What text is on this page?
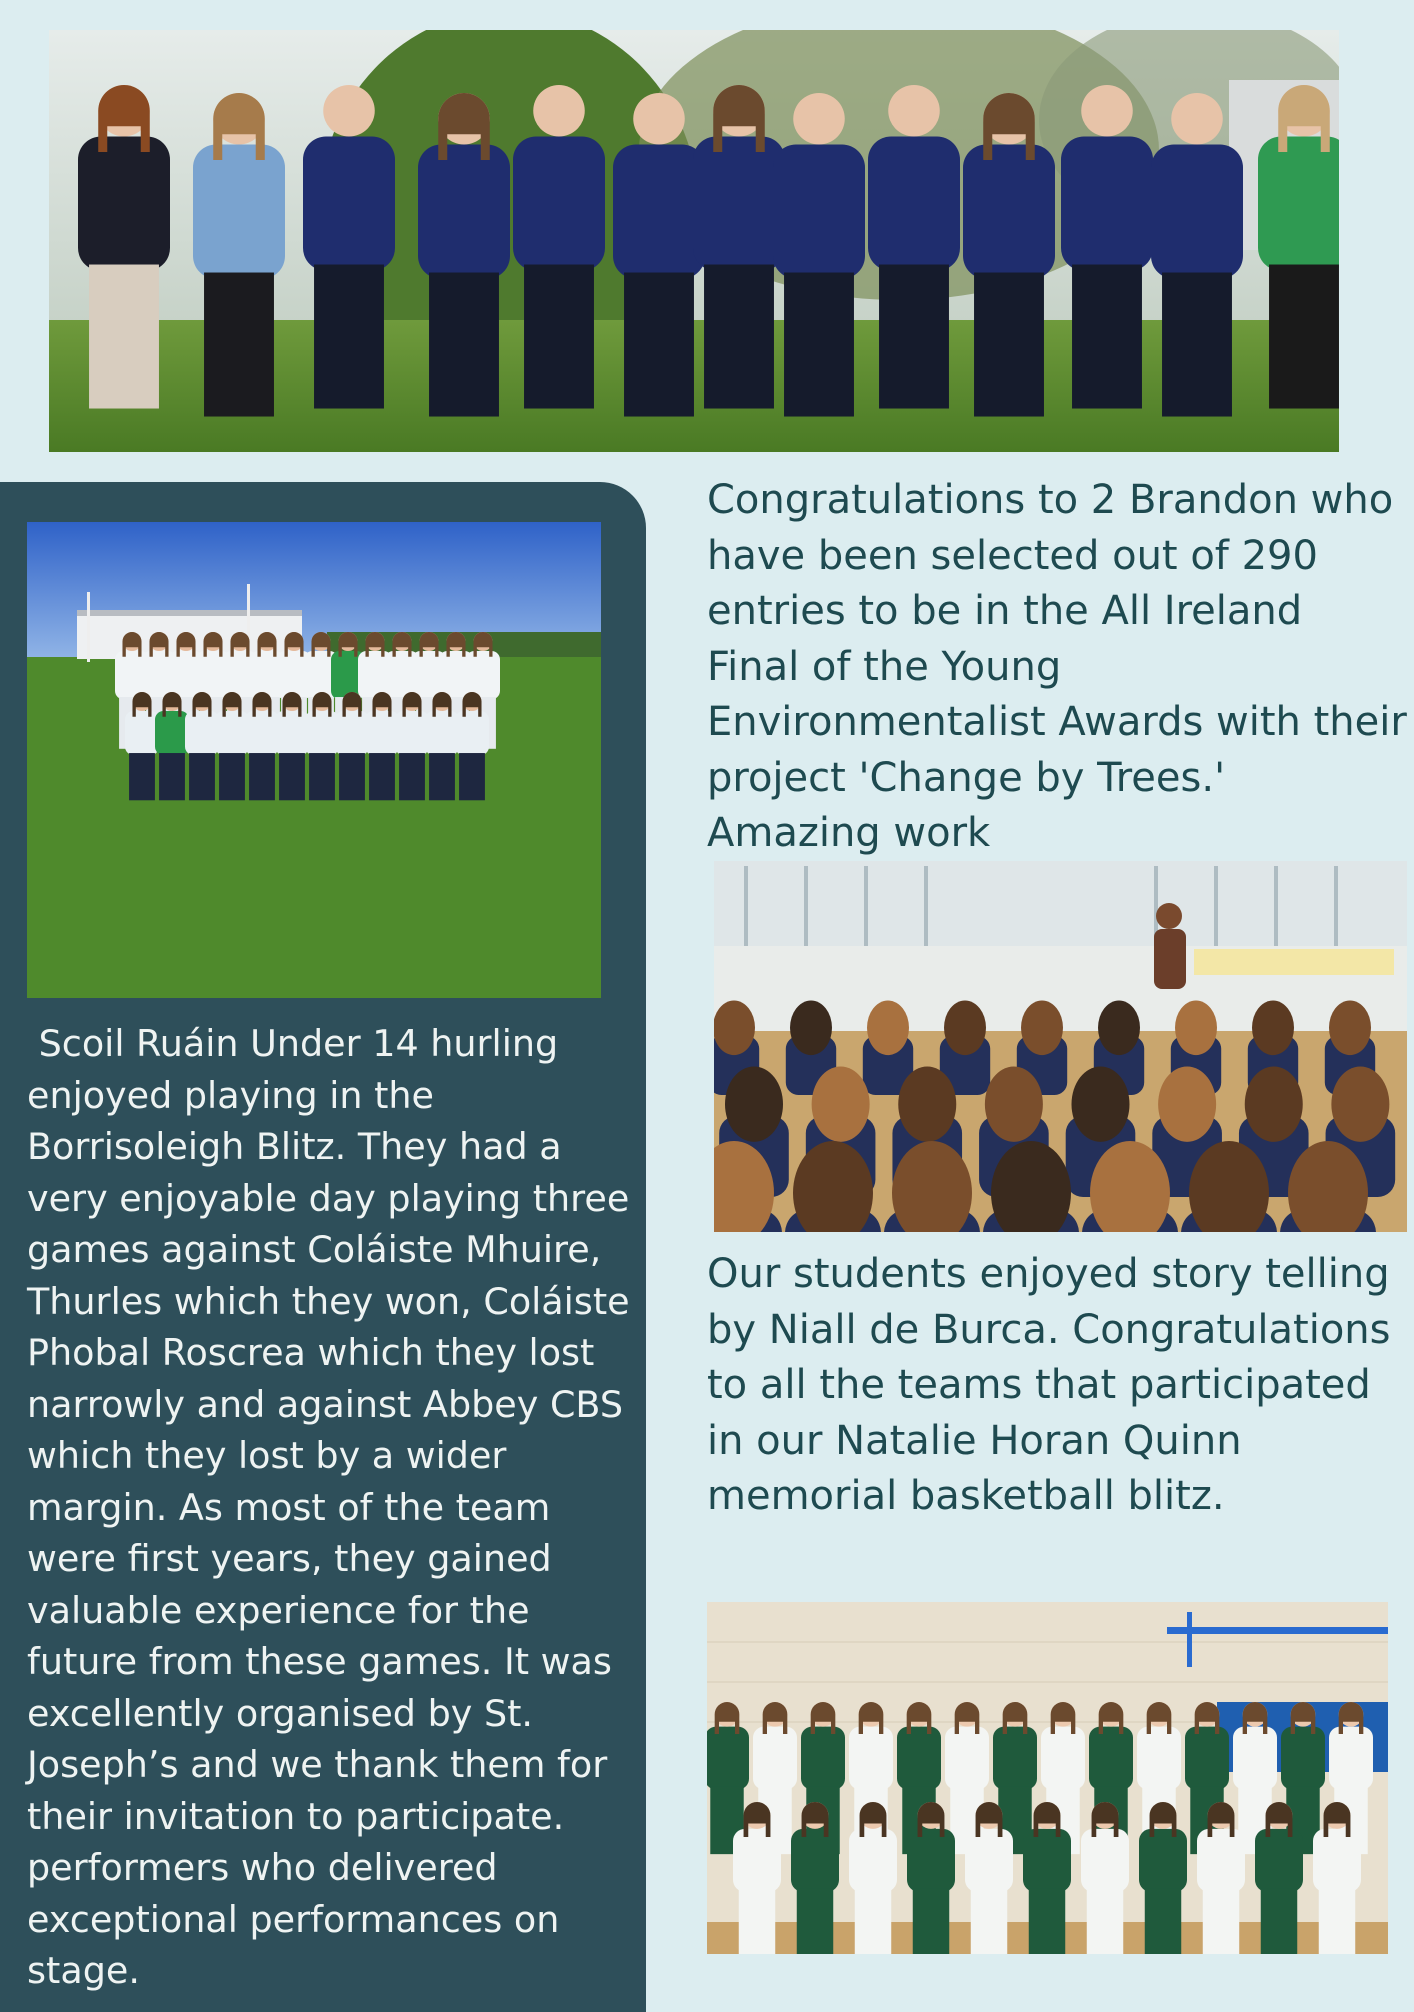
Scoil Ruáin Under 14 hurling
enjoyed playing in the
Borrisoleigh Blitz. They had a
very enjoyable day playing three
games against Coláiste Mhuire,
Thurles which they won, Coláiste
Phobal Roscrea which they lost
narrowly and against Abbey CBS
which they lost by a wider
margin. As most of the team
were first years, they gained
valuable experience for the
future from these games. It was
excellently organised by St.
Joseph’s and we thank them for
their invitation to participate.
performers who delivered
exceptional performances on
stage.

Congratulations to 2 Brandon who have been selected out of 290 entries to be in the All Ireland Final of the Young Environmentalist Awards with their project 'Change by Trees.' Amazing work

Our students enjoyed story telling by Niall de Burca. Congratulations to all the teams that participated in our Natalie Horan Quinn memorial basketball blitz.
